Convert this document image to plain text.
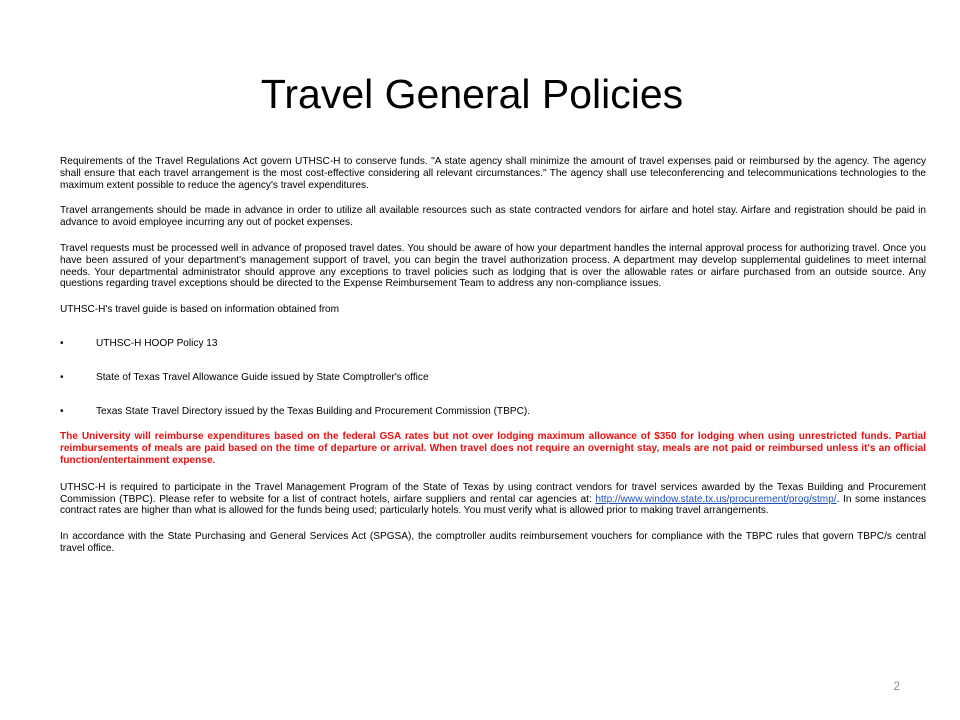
Travel General Policies

Requirements of the Travel Regulations Act govern UTHSC-H to conserve funds. "A state agency shall minimize the amount of travel expenses paid or reimbursed by the agency. The agency shall ensure that each travel arrangement is the most cost-effective considering all relevant circumstances." The agency shall use teleconferencing and telecommunications technologies to the maximum extent possible to reduce the agency's travel expenditures.

Travel arrangements should be made in advance in order to utilize all available resources such as state contracted vendors for airfare and hotel stay. Airfare and registration should be paid in advance to avoid employee incurring any out of pocket expenses.

Travel requests must be processed well in advance of proposed travel dates. You should be aware of how your department handles the internal approval process for authorizing travel. Once you have been assured of your department's management support of travel, you can begin the travel authorization process. A department may develop supplemental guidelines to meet internal needs. Your departmental administrator should approve any exceptions to travel policies such as lodging that is over the allowable rates or airfare purchased from an outside source. Any questions regarding travel exceptions should be directed to the Expense Reimbursement Team to address any non-compliance issues.

UTHSC-H's travel guide is based on information obtained from

•	UTHSC-H HOOP Policy 13
•	State of Texas Travel Allowance Guide issued by State Comptroller's office
•	Texas State Travel Directory issued by the Texas Building and Procurement Commission (TBPC).

The University will reimburse expenditures based on the federal GSA rates but not over lodging maximum allowance of $350 for lodging when using unrestricted funds. Partial reimbursements of meals are paid based on the time of departure or arrival. When travel does not require an overnight stay, meals are not paid or reimbursed unless it's an official function/entertainment expense.

UTHSC-H is required to participate in the Travel Management Program of the State of Texas by using contract vendors for travel services awarded by the Texas Building and Procurement Commission (TBPC). Please refer to website for a list of contract hotels, airfare suppliers and rental car agencies at: http://www.window.state.tx.us/procurement/prog/stmp/. In some instances contract rates are higher than what is allowed for the funds being used; particularly hotels. You must verify what is allowed prior to making travel arrangements.

In accordance with the State Purchasing and General Services Act (SPGSA), the comptroller audits reimbursement vouchers for compliance with the TBPC rules that govern TBPC/s central travel office.

2
